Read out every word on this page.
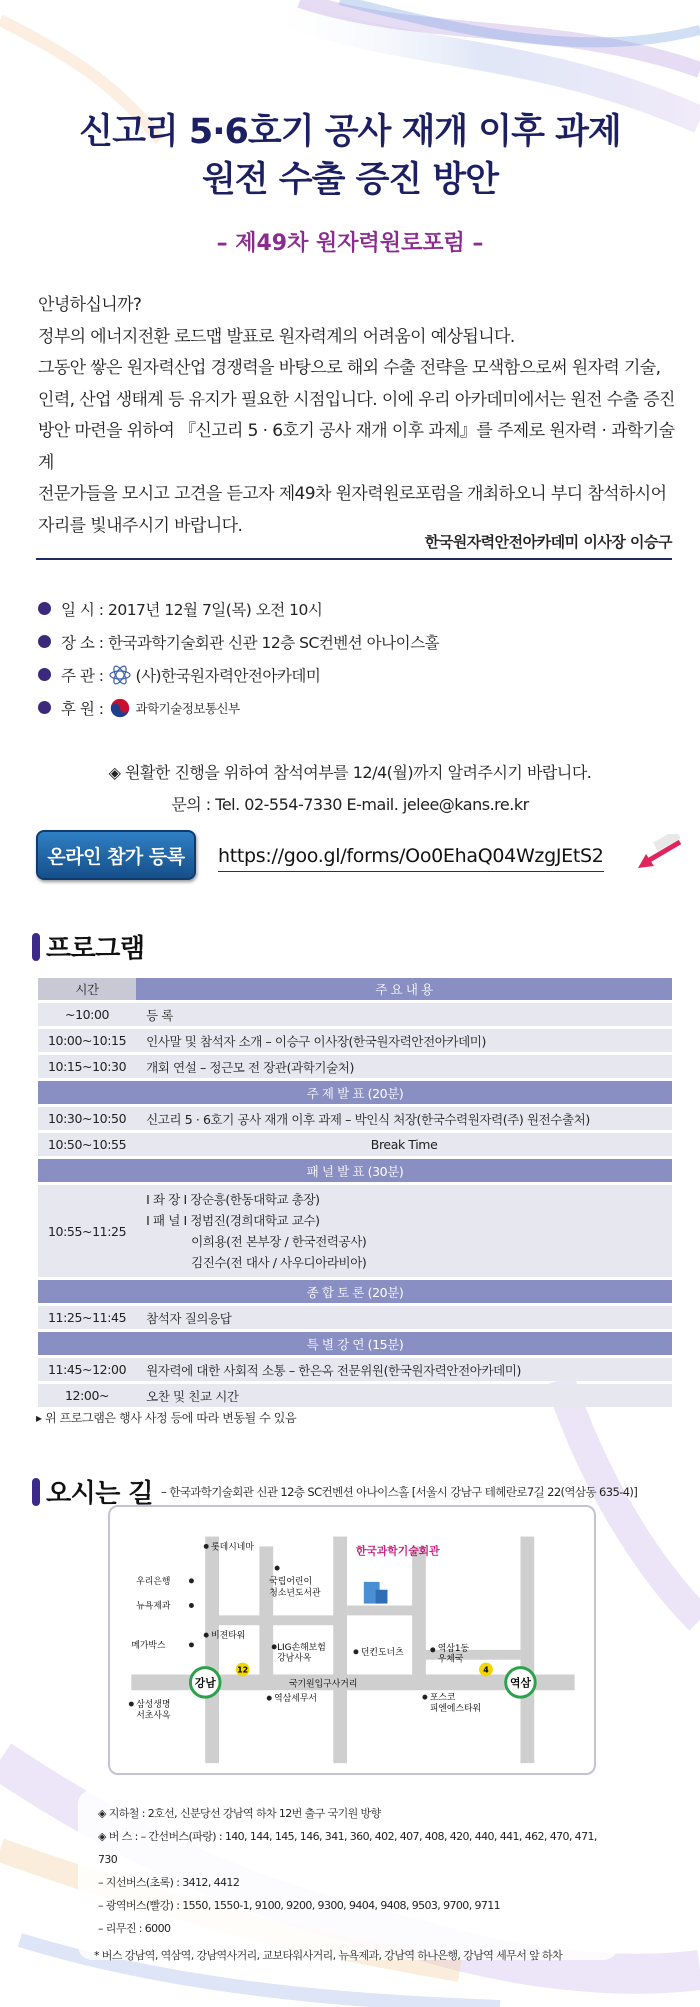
신고리 5·6호기 공사 재개 이후 과제
원전 수출 증진 방안
– 제49차 원자력원로포럼 –
안녕하십니까?
정부의 에너지전환 로드맵 발표로 원자력계의 어려움이 예상됩니다.
그동안 쌓은 원자력산업 경쟁력을 바탕으로 해외 수출 전략을 모색함으로써 원자력 기술,
인력, 산업 생태계 등 유지가 필요한 시점입니다. 이에 우리 아카데미에서는 원전 수출 증진
방안 마련을 위하여 『신고리 5 · 6호기 공사 재개 이후 과제』를 주제로 원자력 · 과학기술계
전문가들을 모시고 고견을 듣고자 제49차 원자력원로포럼을 개최하오니 부디 참석하시어
자리를 빛내주시기 바랍니다.
한국원자력안전아카데미 이사장 이승구
일 시 :
2017년 12월 7일(목) 오전 10시
장 소 :
한국과학기술회관 신관 12층 SC컨벤션 아나이스홀
주 관 : (사)한국원자력안전아카데미
후 원 :	과학기술정보통신부
◈ 원활한 진행을 위하여 참석여부를 12/4(월)까지 알려주시기 바랍니다.
문의 : Tel. 02-554-7330 E-mail. jelee@kans.re.kr
온라인 참가 등록	https://goo.gl/forms/Oo0EhaQ04WzgJEtS2
프로그램
시간	주 요 내 용
~10:00	등 록
10:00~10:15	인사말 및 참석자 소개 – 이승구 이사장(한국원자력안전아카데미)
10:15~10:30	개회 연설 – 정근모 전 장관(과학기술처)
주 제 발 표 (20분)	
10:30~10:50	신고리 5 · 6호기 공사 재개 이후 과제 – 박인식 처장(한국수력원자력(주) 원전수출처)
10:50~10:55	Break Time
패 널 발 표 (30분)	
10:55~11:25	I 좌 장 I 장순흥(한동대학교 총장)
I 패 널 I 정범진(경희대학교 교수)
이희용(전 본부장 / 한국전력공사)
김진수(전 대사 / 사우디아라비아)

종 합 토 론 (20분)	
11:25~11:45	참석자 질의응답
특 별 강 연 (15분)	
11:45~12:00	원자력에 대한 사회적 소통 – 한은옥 전문위원(한국원자력안전아카데미)
12:00~	오찬 및 친교 시간
▸ 위 프로그램은 행사 사정 등에 따라 변동될 수 있음
오시는 길 – 한국과학기술회관 신관 12층 SC컨벤션 아나이스홀 [서울시 강남구 테헤란로7길 22(역삼동 635-4)]
한국과학기술회관
롯데시네마
우리은행
뉴욕제과
국립어린이
청소년도서관
메가박스
비젼타워
LIG손해보험
강남사옥
던킨도너츠	역삼1동
우체국
국기원입구사거리
역삼세무서
삼성생명
서초사옥
포스코
피엔에스타워
강남
12
역삼
4
◈ 지하철 : 2호선, 신분당선 강남역 하차 12번 출구 국기원 방향
◈ 버 스 : – 간선버스(파랑) : 140, 144, 145, 146, 341, 360, 402, 407, 408, 420, 440, 441, 462, 470, 471, 730
– 지선버스(초록) : 3412, 4412
– 광역버스(빨강) : 1550, 1550-1, 9100, 9200, 9300, 9404, 9408, 9503, 9700, 9711
– 리무진 : 6000
* 버스 강남역, 역삼역, 강남역사거리, 교보타워사거리, 뉴욕제과, 강남역 하나은행, 강남역 세무서 앞 하차
